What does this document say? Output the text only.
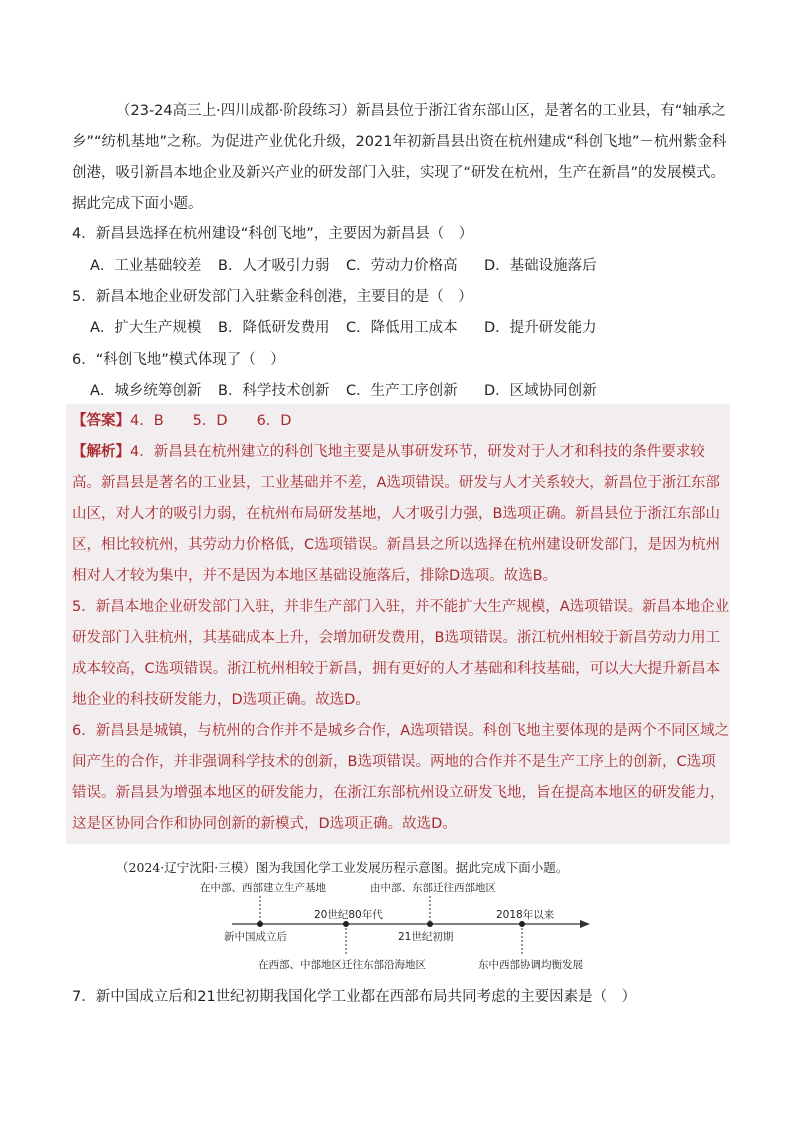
（23-24高三上·四川成都·阶段练习）新昌县位于浙江省东部山区，是著名的工业县，有“轴承之乡”“纺机基地”之称。为促进产业优化升级，2021年初新昌县出资在杭州建成“科创飞地”－杭州紫金科创港，吸引新昌本地企业及新兴产业的研发部门入驻，实现了“研发在杭州，生产在新昌”的发展模式。据此完成下面小题。

4．新昌县选择在杭州建设“科创飞地”，主要因为新昌县（　）

A．工业基础较差 B．人才吸引力弱 C．劳动力价格高 D．基础设施落后

5．新昌本地企业研发部门入驻紫金科创港，主要目的是（　）

A．扩大生产规模 B．降低研发费用 C．降低用工成本 D．提升研发能力

6．“科创飞地”模式体现了（　）

A．城乡统筹创新 B．科学技术创新 C．生产工序创新 D．区域协同创新

【答案】4．B　　5．D　　6．D

【解析】4．新昌县在杭州建立的科创飞地主要是从事研发环节，研发对于人才和科技的条件要求较高。新昌县是著名的工业县，工业基础并不差，A选项错误。研发与人才关系较大，新昌位于浙江东部山区，对人才的吸引力弱，在杭州布局研发基地，人才吸引力强，B选项正确。新昌县位于浙江东部山区，相比较杭州，其劳动力价格低，C选项错误。新昌县之所以选择在杭州建设研发部门，是因为杭州相对人才较为集中，并不是因为本地区基础设施落后，排除D选项。故选B。

5．新昌本地企业研发部门入驻，并非生产部门入驻，并不能扩大生产规模，A选项错误。新昌本地企业研发部门入驻杭州，其基础成本上升，会增加研发费用，B选项错误。浙江杭州相较于新昌劳动力用工成本较高，C选项错误。浙江杭州相较于新昌，拥有更好的人才基础和科技基础，可以大大提升新昌本地企业的科技研发能力，D选项正确。故选D。

6．新昌县是城镇，与杭州的合作并不是城乡合作，A选项错误。科创飞地主要体现的是两个不同区域之间产生的合作，并非强调科学技术的创新，B选项错误。两地的合作并不是生产工序上的创新，C选项错误。新昌县为增强本地区的研发能力，在浙江东部杭州设立研发飞地，旨在提高本地区的研发能力，这是区协同合作和协同创新的新模式，D选项正确。故选D。

（2024·辽宁沈阳·三模）图为我国化学工业发展历程示意图。据此完成下面小题。

在中部、西部建立生产基地	由中部、东部迁往西部地区
20世纪80年代	2018年以来
新中国成立后	21世纪初期
在西部、中部地区迁往东部沿海地区	东中西部协调均衡发展

7．新中国成立后和21世纪初期我国化学工业都在西部布局共同考虑的主要因素是（　）
